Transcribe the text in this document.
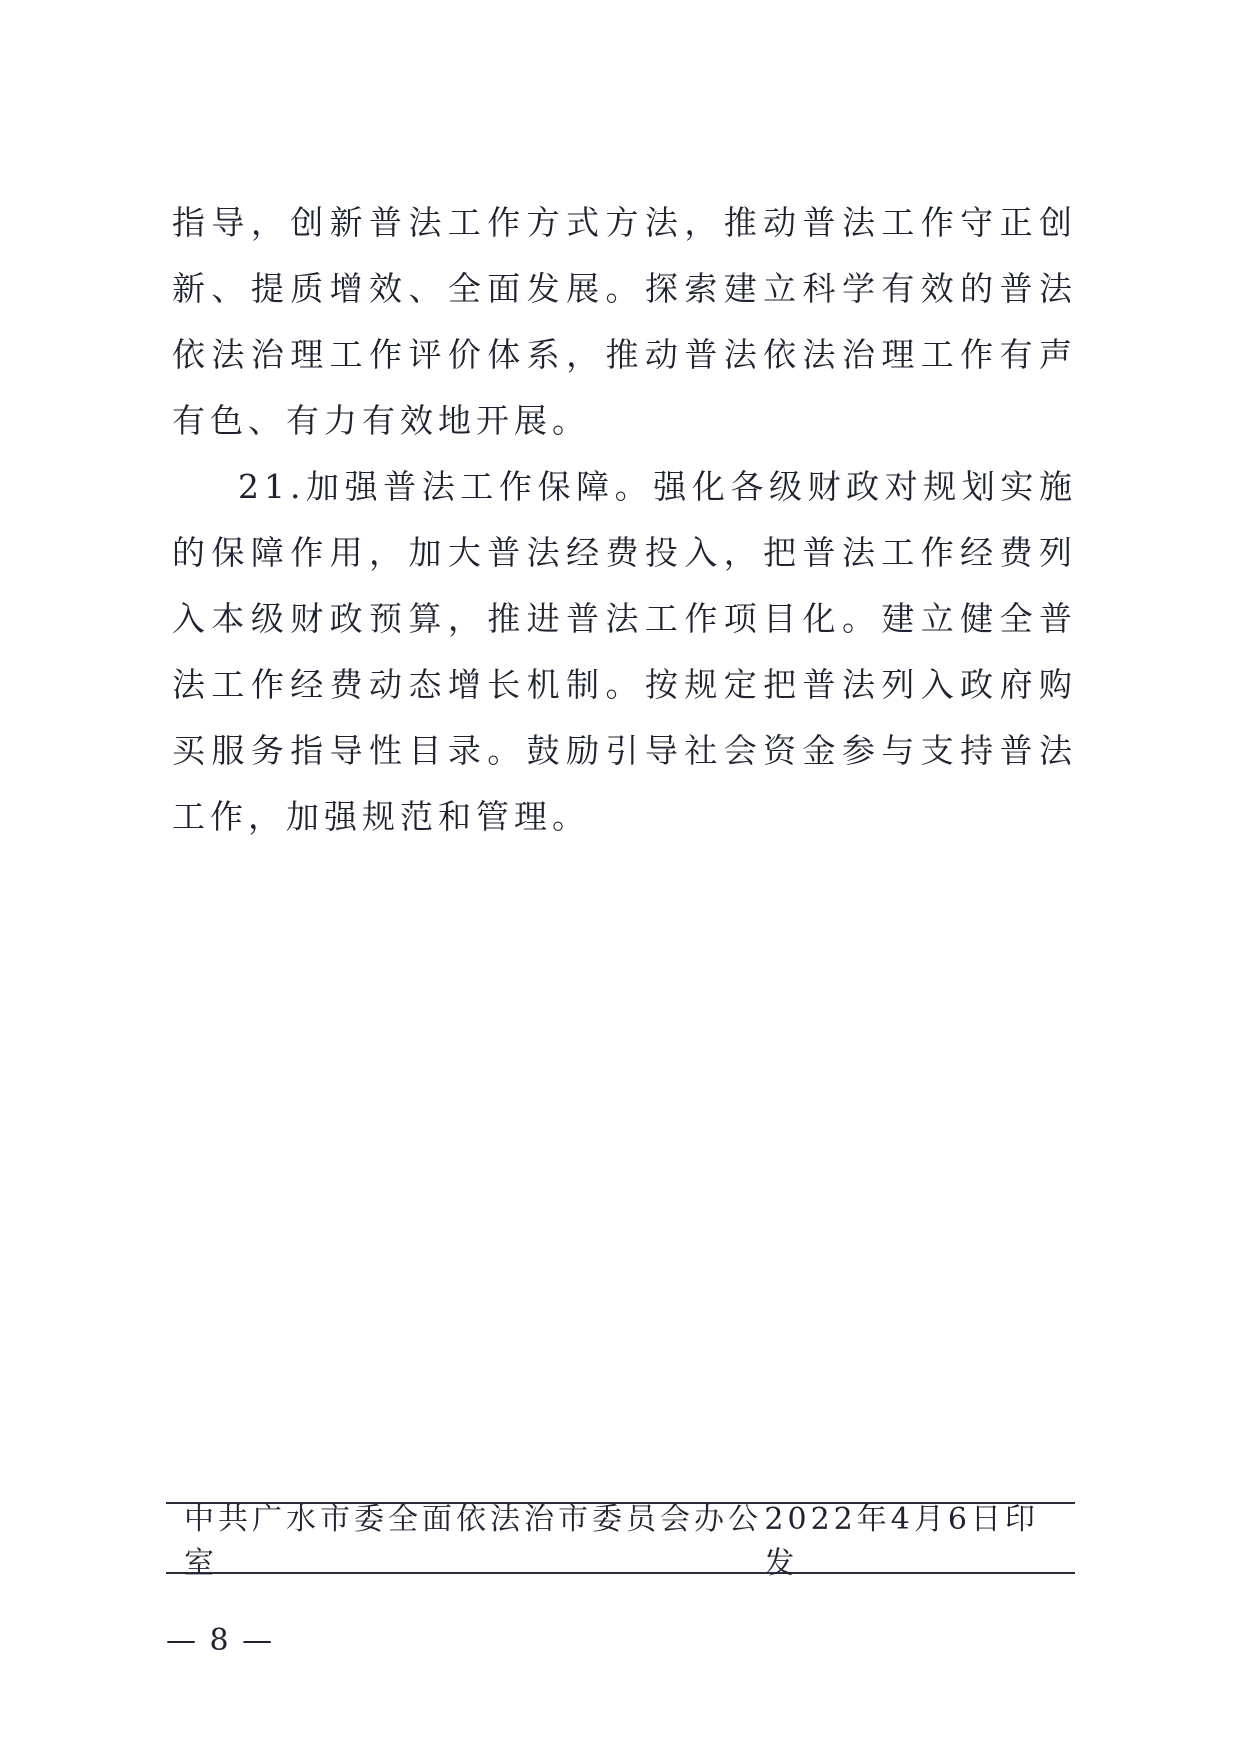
指导，创新普法工作方式方法，推动普法工作守正创新、提质增效、全面发展。探索建立科学有效的普法依法治理工作评价体系，推动普法依法治理工作有声有色、有力有效地开展。

21.加强普法工作保障。强化各级财政对规划实施的保障作用，加大普法经费投入，把普法工作经费列入本级财政预算，推进普法工作项目化。建立健全普法工作经费动态增长机制。按规定把普法列入政府购买服务指导性目录。鼓励引导社会资金参与支持普法工作，加强规范和管理。

中共广水市委全面依法治市委员会办公室
2022年4月6日印发
— 8 —
